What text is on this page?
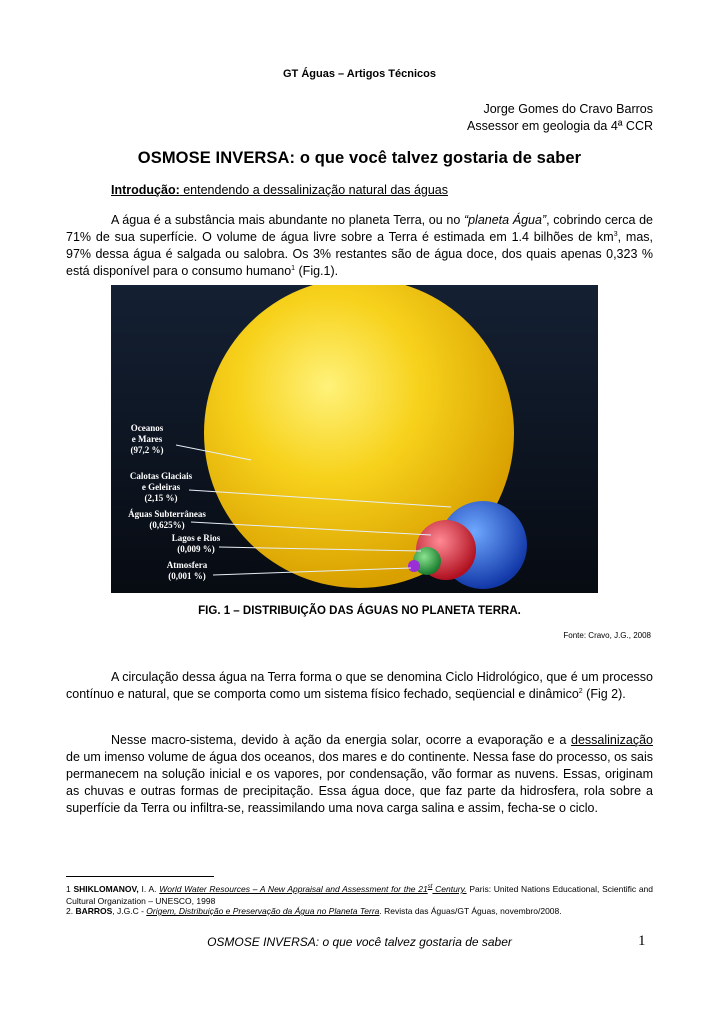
GT Águas – Artigos Técnicos
Jorge Gomes do Cravo Barros
Assessor em geologia da 4ª CCR
OSMOSE INVERSA: o que você talvez gostaria de saber
Introdução: entendendo a dessalinização natural das águas
A água é a substância mais abundante no planeta Terra, ou no “planeta Água”, cobrindo cerca de 71% de sua superfície. O volume de água livre sobre a Terra é estimada em 1.4 bilhões de $km^3$, mas, 97% dessa água é salgada ou salobra. Os 3% restantes são de água doce, dos quais apenas 0,323 % está disponível para o consumo humano$^1$ (Fig.1).
Oceanos
e Mares
(97,2 %)
Calotas Glaciais
e Geleiras
(2,15 %)
Águas Subterrâneas
(0,625%)
Lagos e Rios
(0,009 %)
Atmosfera
(0,001 %)
FIG. 1 – DISTRIBUIÇÃO DAS ÁGUAS NO PLANETA TERRA.
Fonte: Cravo, J.G., 2008
A circulação dessa água na Terra forma o que se denomina Ciclo Hidrológico, que é um processo contínuo e natural, que se comporta como um sistema físico fechado, seqüencial e dinâmico$^2$ (Fig 2).
Nesse macro-sistema, devido à ação da energia solar, ocorre a evaporação e a dessalinização de um imenso volume de água dos oceanos, dos mares e do continente. Nessa fase do processo, os sais permanecem na solução inicial e os vapores, por condensação, vão formar as nuvens. Essas, originam as chuvas e outras formas de precipitação. Essa água doce, que faz parte da hidrosfera, rola sobre a superfície da Terra ou infiltra-se, reassimilando uma nova carga salina e assim, fecha-se o ciclo.
1 SHIKLOMANOV, I. A. World Water Resources – A New Appraisal and Assessment for the 21st Century. Paris: United Nations Educational, Scientific and Cultural Organization – UNESCO, 1998
2. BARROS, J.G.C - Origem, Distribuição e Preservação da Água no Planeta Terra. Revista das Águas/GT Águas, novembro/2008.
OSMOSE INVERSA: o que você talvez gostaria de saber	1
